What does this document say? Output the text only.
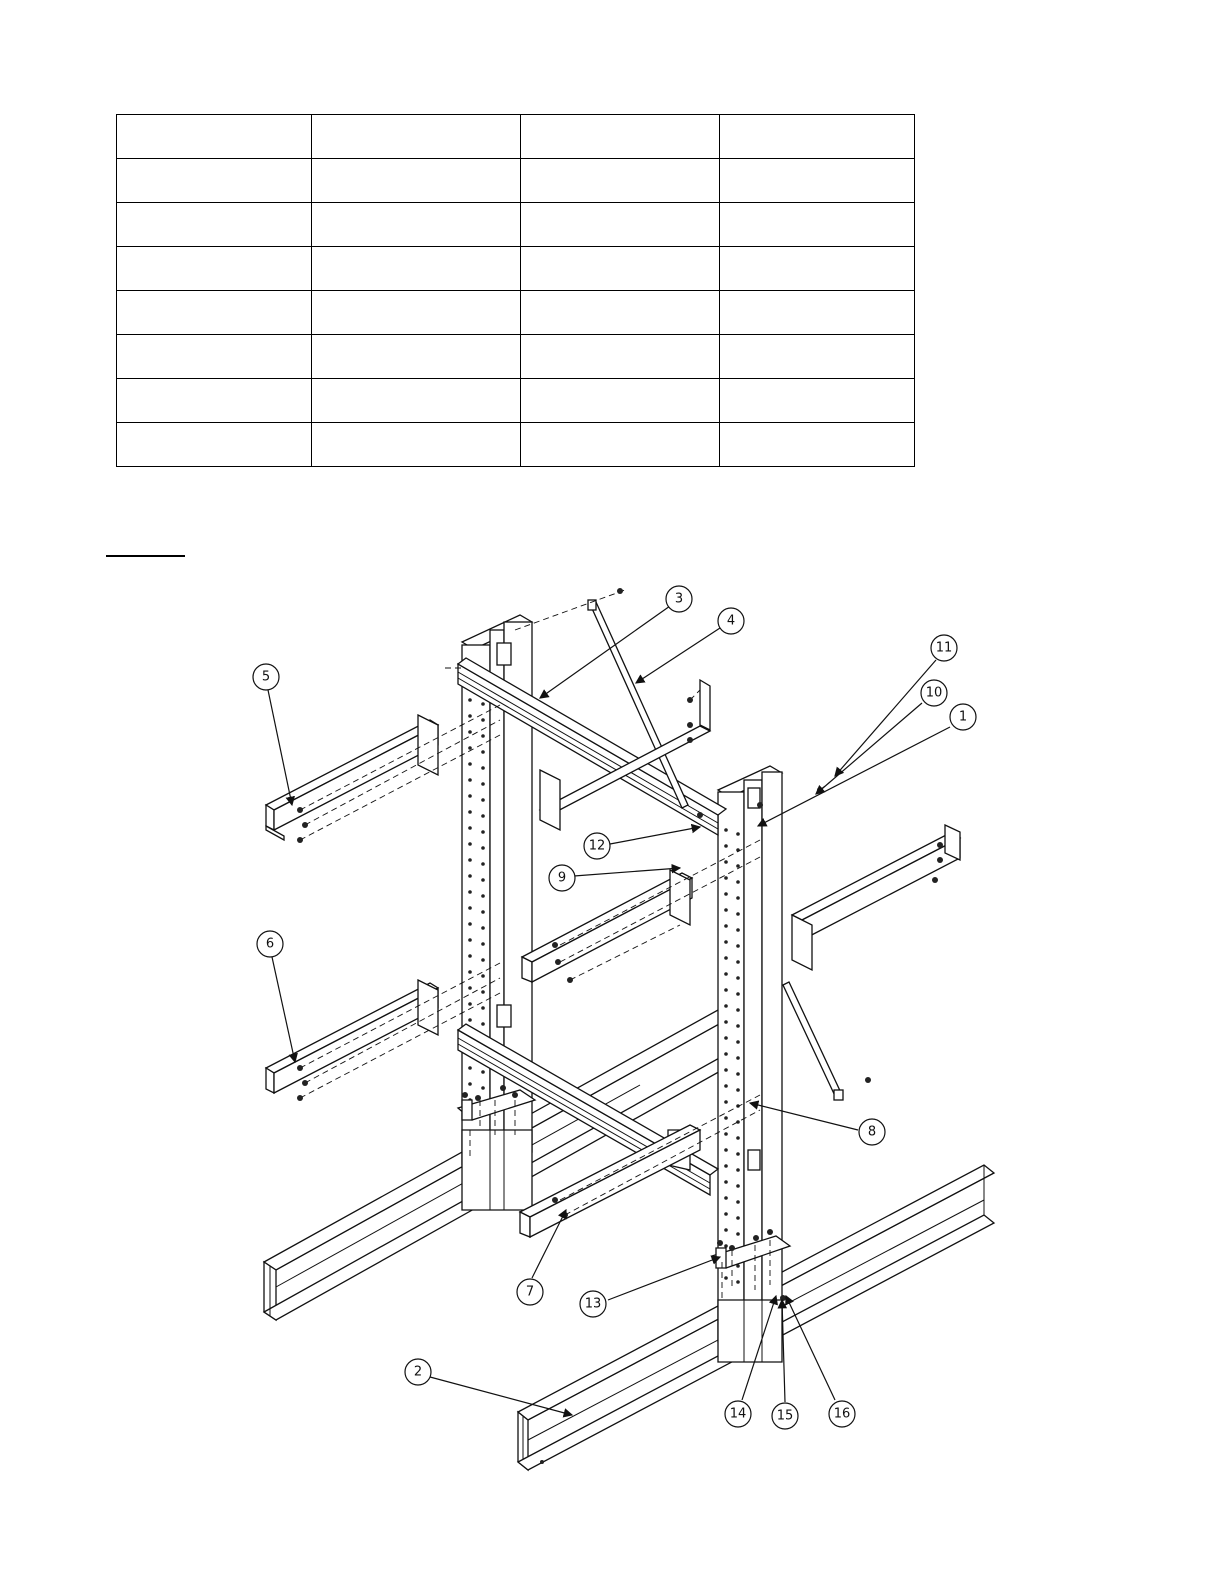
1
2
3
4
5
6
7
8
9
10
11
12
13
14 15	16
